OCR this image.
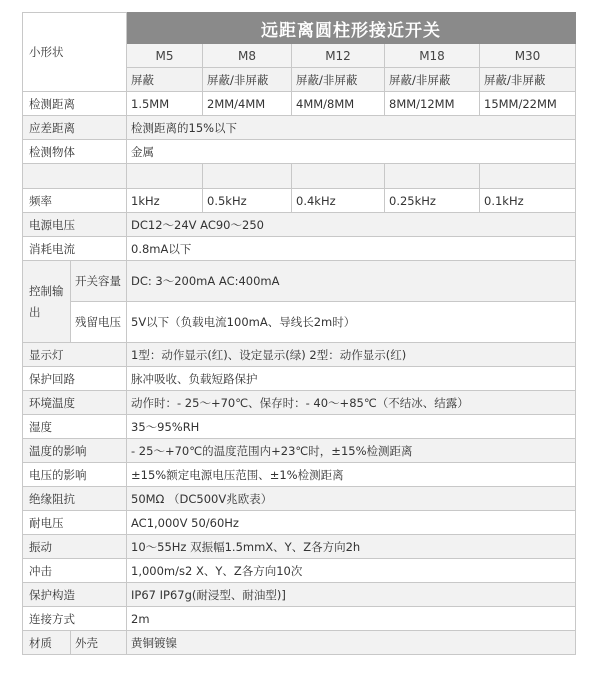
小形状		远距离圆柱形接近开关				
		M5	M8	M12	M18	M30
		屏蔽	屏蔽/非屏蔽	屏蔽/非屏蔽	屏蔽/非屏蔽	屏蔽/非屏蔽
检测距离		1.5MM	2MM/4MM	4MM/8MM	8MM/12MM	15MM/22MM
应差距离		检测距离的15%以下				
检测物体		金属				

频率		1kHz	0.5kHz	0.4kHz	0.25kHz	0.1kHz
电源电压		DC12～24V AC90～250				
消耗电流		0.8mA以下				
控制输出	开关容量	DC: 3～200mA AC:400mA				
	残留电压	5V以下（负载电流100mA、导线长2m时）				
显示灯		1型：动作显示(红)、设定显示(绿) 2型：动作显示(红)				
保护回路		脉冲吸收、负载短路保护				
环境温度		动作时：- 25～+70℃、保存时：- 40～+85℃（不结冰、结露）				
湿度		35～95%RH				
温度的影响		- 25～+70℃的温度范围内+23℃时，±15%检测距离				
电压的影响		±15%额定电源电压范围、±1%检测距离				
绝缘阻抗		50MΩ （DC500V兆欧表）				
耐电压		AC1,000V 50/60Hz				
振动		10～55Hz 双振幅1.5mmX、Y、Z各方向2h				
冲击		1,000m/s2 X、Y、Z各方向10次				
保护构造		IP67 IP67g(耐浸型、耐油型)]				
连接方式		2m				
材质	外壳	黄铜镀镍				
